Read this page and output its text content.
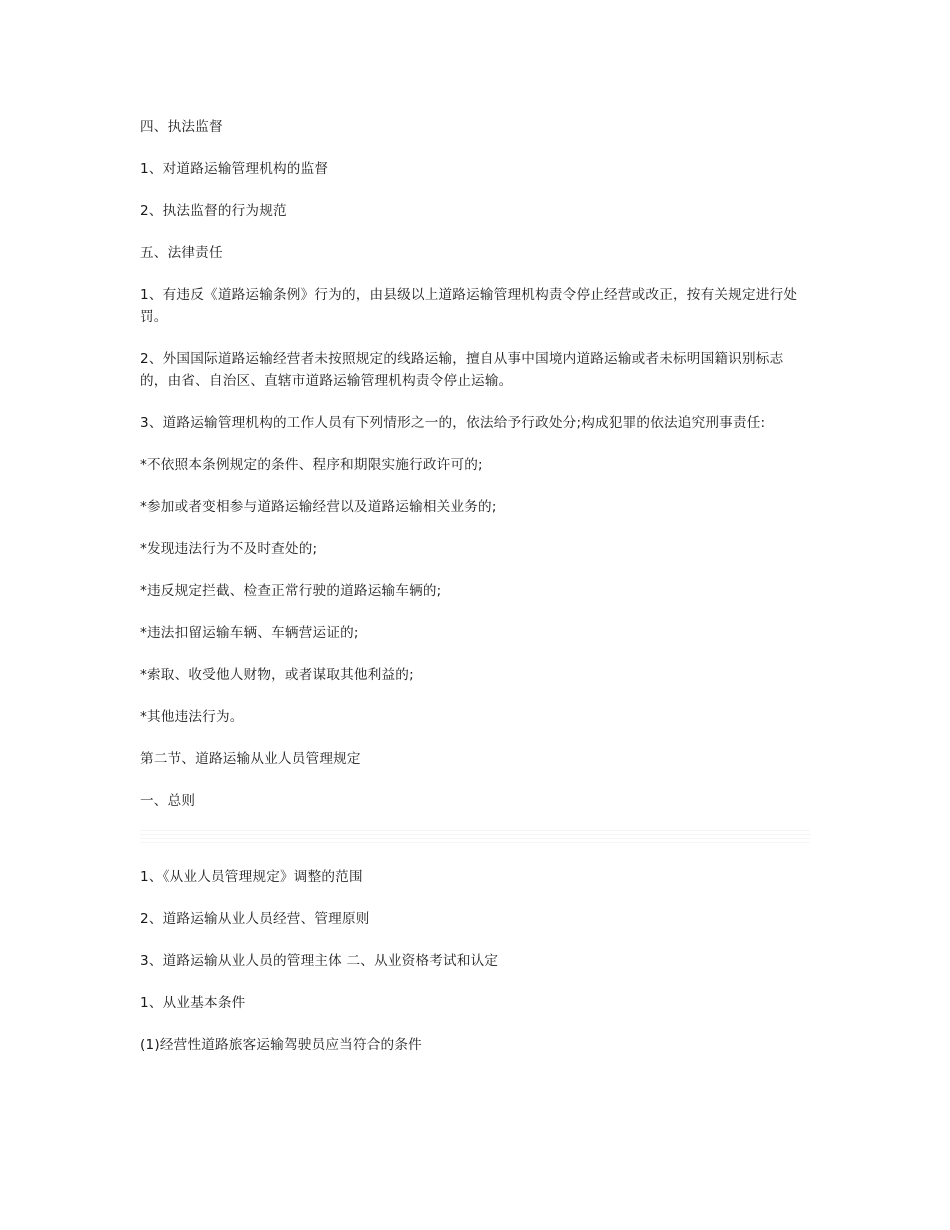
四、执法监督

1、对道路运输管理机构的监督

2、执法监督的行为规范

五、法律责任

1、有违反《道路运输条例》行为的，由县级以上道路运输管理机构责令停止经营或改正，按有关规定进行处罚。

2、外国国际道路运输经营者未按照规定的线路运输，擅自从事中国境内道路运输或者未标明国籍识别标志的，由省、自治区、直辖市道路运输管理机构责令停止运输。

3、道路运输管理机构的工作人员有下列情形之一的，依法给予行政处分;构成犯罪的依法追究刑事责任:

*不依照本条例规定的条件、程序和期限实施行政许可的;

*参加或者变相参与道路运输经营以及道路运输相关业务的;

*发现违法行为不及时查处的;

*违反规定拦截、检查正常行驶的道路运输车辆的;

*违法扣留运输车辆、车辆营运证的;

*索取、收受他人财物，或者谋取其他利益的;

*其他违法行为。

第二节、道路运输从业人员管理规定

一、总则

1、《从业人员管理规定》调整的范围

2、道路运输从业人员经营、管理原则

3、道路运输从业人员的管理主体 二、从业资格考试和认定

1、从业基本条件

(1)经营性道路旅客运输驾驶员应当符合的条件
